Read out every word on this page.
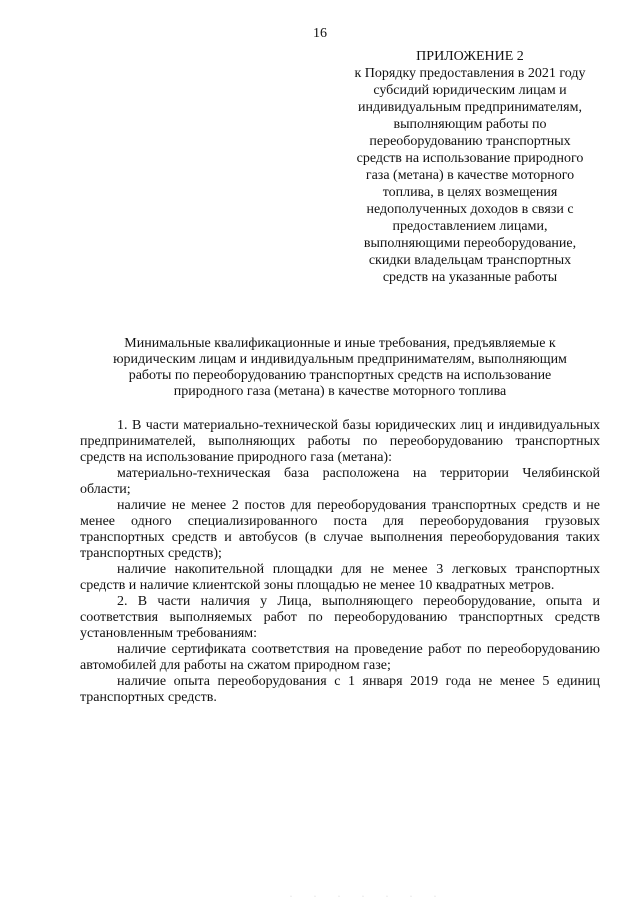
16
ПРИЛОЖЕНИЕ 2
к Порядку предоставления в 2021 году
субсидий юридическим лицам и
индивидуальным предпринимателям,
выполняющим работы по
переоборудованию транспортных
средств на использование природного
газа (метана) в качестве моторного
топлива, в целях возмещения
недополученных доходов в связи с
предоставлением лицами,
выполняющими переоборудование,
скидки владельцам транспортных
средств на указанные работы
Минимальные квалификационные и иные требования, предъявляемые к
юридическим лицам и индивидуальным предпринимателям, выполняющим
работы по переоборудованию транспортных средств на использование
природного газа (метана) в качестве моторного топлива

1. В части материально-технической базы юридических лиц и индивидуальных предпринимателей, выполняющих работы по переоборудованию транспортных средств на использование природного газа (метана):

материально-техническая база расположена на территории Челябинской области;

наличие не менее 2 постов для переоборудования транспортных средств и не менее одного специализированного поста для переоборудования грузовых транспортных средств и автобусов (в случае выполнения переоборудования таких транспортных средств);

наличие накопительной площадки для не менее 3 легковых транспортных средств и наличие клиентской зоны площадью не менее 10 квадратных метров.

2. В части наличия у Лица, выполняющего переоборудование, опыта и соответствия выполняемых работ по переоборудованию транспортных средств установленным требованиям:

наличие сертификата соответствия на проведение работ по переоборудованию автомобилей для работы на сжатом природном газе;

наличие опыта переоборудования с 1 января 2019 года не менее 5 единиц транспортных средств.

·	·	·	·	·	·	·
